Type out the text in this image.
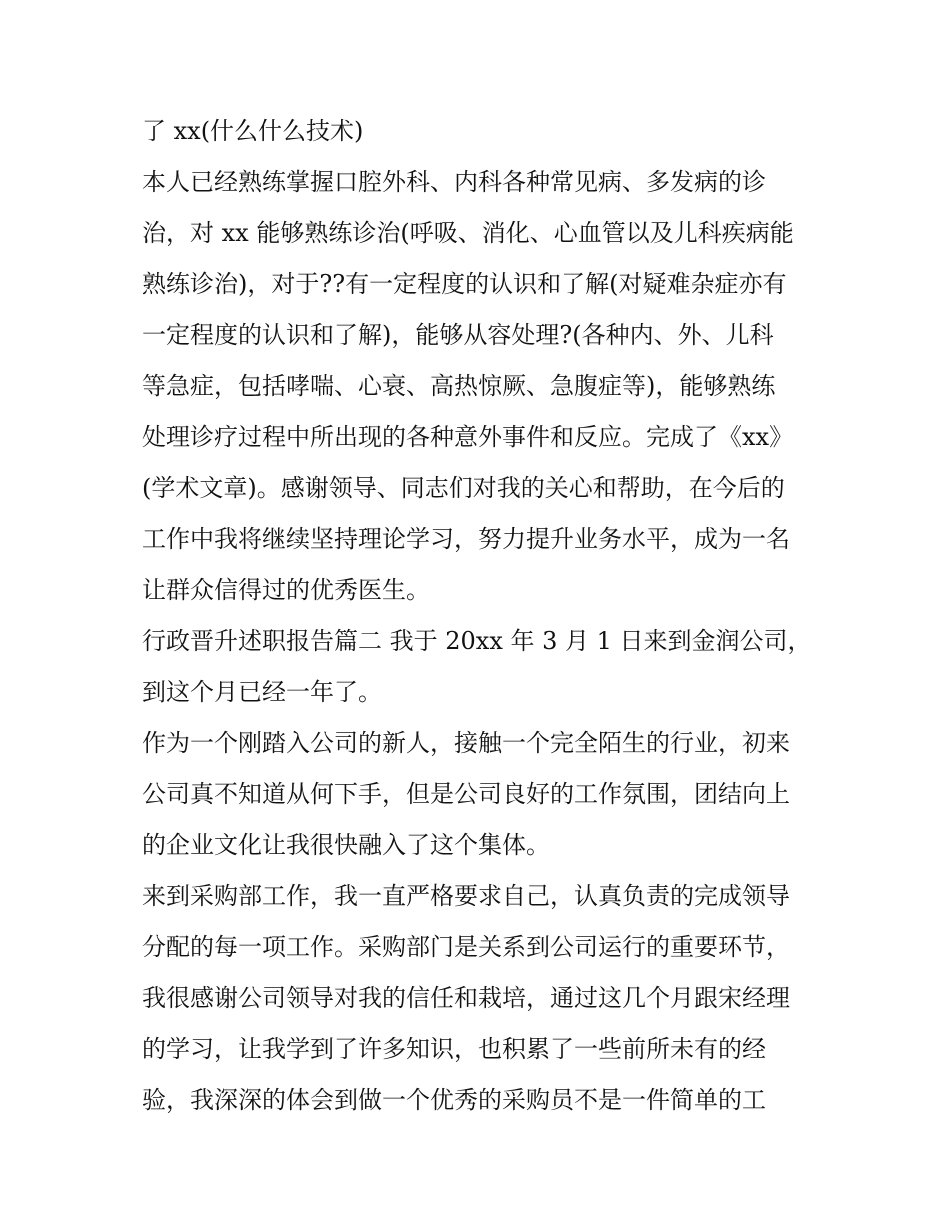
了 xx(什么什么技术)
本人已经熟练掌握口腔外科、内科各种常见病、多发病的诊
治，对 xx 能够熟练诊治(呼吸、消化、心血管以及儿科疾病能
熟练诊治)，对于??有一定程度的认识和了解(对疑难杂症亦有
一定程度的认识和了解)，能够从容处理?(各种内、外、儿科
等急症，包括哮喘、心衰、高热惊厥、急腹症等)，能够熟练
处理诊疗过程中所出现的各种意外事件和反应。完成了《xx》
(学术文章)。感谢领导、同志们对我的关心和帮助，在今后的
工作中我将继续坚持理论学习，努力提升业务水平，成为一名
让群众信得过的优秀医生。
行政晋升述职报告篇二 我于 20xx 年 3 月 1 日来到金润公司，
到这个月已经一年了。
作为一个刚踏入公司的新人，接触一个完全陌生的行业，初来
公司真不知道从何下手，但是公司良好的工作氛围，团结向上
的企业文化让我很快融入了这个集体。
来到采购部工作，我一直严格要求自己，认真负责的完成领导
分配的每一项工作。采购部门是关系到公司运行的重要环节，
我很感谢公司领导对我的信任和栽培，通过这几个月跟宋经理
的学习，让我学到了许多知识，也积累了一些前所未有的经
验，我深深的体会到做一个优秀的采购员不是一件简单的工
